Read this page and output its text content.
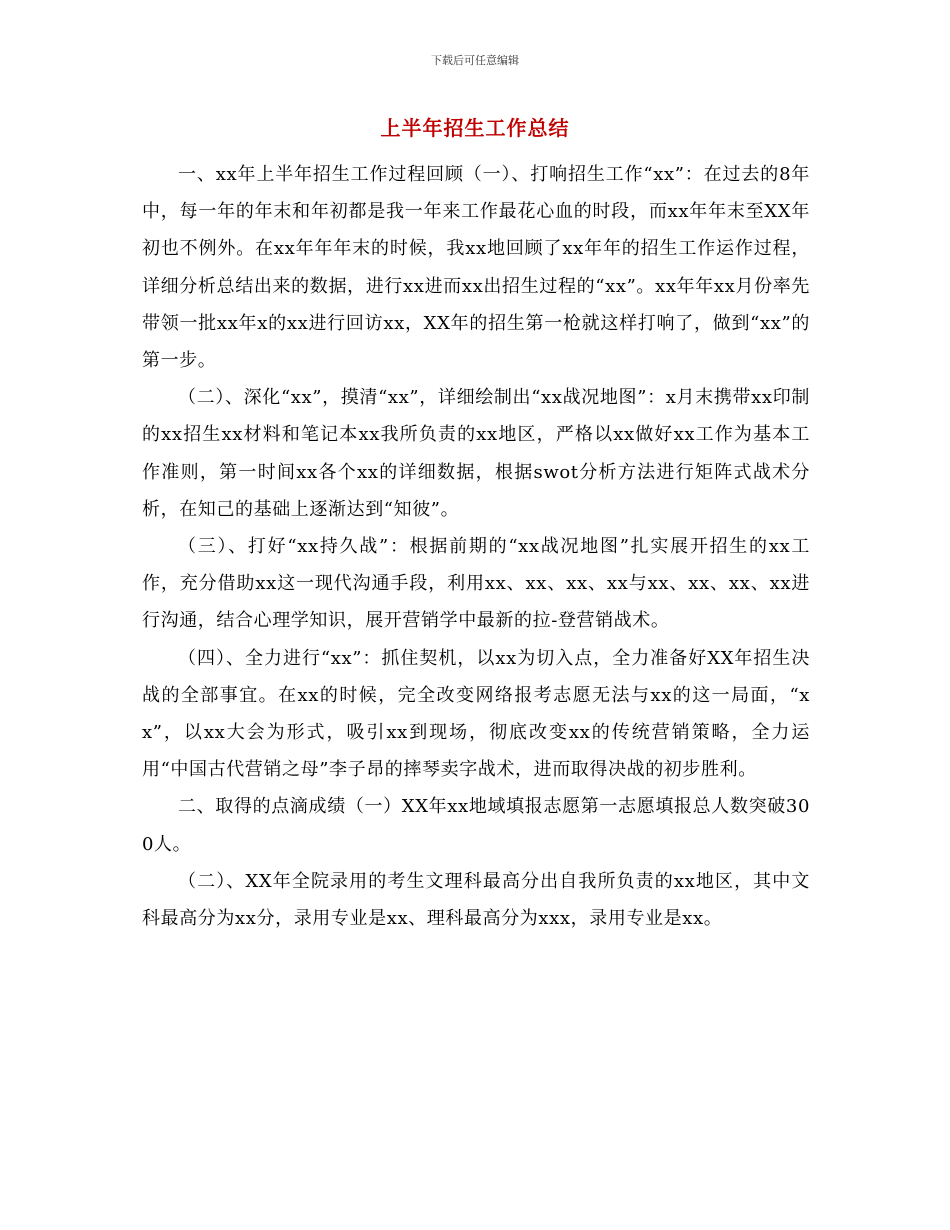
下载后可任意编辑
上半年招生工作总结

一、xx年上半年招生工作过程回顾（一）、打响招生工作“xx”：在过去的8年中，每一年的年末和年初都是我一年来工作最花心血的时段，而xx年年末至XX年初也不例外。在xx年年年末的时候，我xx地回顾了xx年年的招生工作运作过程，详细分析总结出来的数据，进行xx进而xx出招生过程的“xx”。xx年年xx月份率先带领一批xx年x的xx进行回访xx，XX年的招生第一枪就这样打响了，做到“xx”的第一步。

（二）、深化“xx”，摸清“xx”，详细绘制出“xx战况地图”：x月末携带xx印制的xx招生xx材料和笔记本xx我所负责的xx地区，严格以xx做好xx工作为基本工作准则，第一时间xx各个xx的详细数据，根据swot分析方法进行矩阵式战术分析，在知己的基础上逐渐达到“知彼”。

（三）、打好“xx持久战”：根据前期的“xx战况地图”扎实展开招生的xx工作，充分借助xx这一现代沟通手段，利用xx、xx、xx、xx与xx、xx、xx、xx进行沟通，结合心理学知识，展开营销学中最新的拉-登营销战术。

（四）、全力进行“xx”：抓住契机，以xx为切入点，全力准备好XX年招生决战的全部事宜。在xx的时候，完全改变网络报考志愿无法与xx的这一局面，“xx”，以xx大会为形式，吸引xx到现场，彻底改变xx的传统营销策略，全力运用“中国古代营销之母”李子昂的摔琴卖字战术，进而取得决战的初步胜利。

二、取得的点滴成绩（一）XX年xx地域填报志愿第一志愿填报总人数突破300人。

（二）、XX年全院录用的考生文理科最高分出自我所负责的xx地区，其中文科最高分为xx分，录用专业是xx、理科最高分为xxx，录用专业是xx。
